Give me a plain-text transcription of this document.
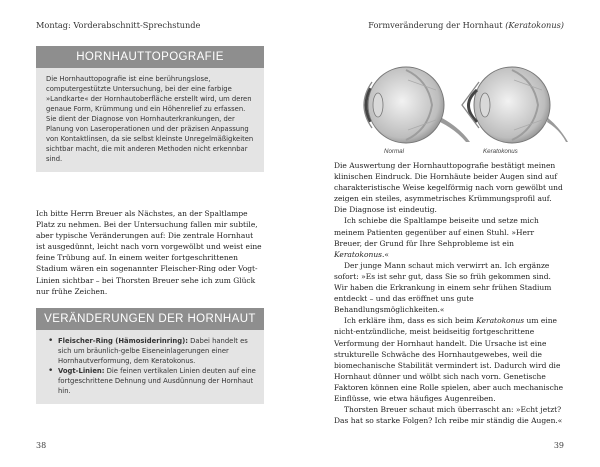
Montag: Vorderabschnitt-Sprechstunde
HORNHAUTTOPOGRAFIE

Die Hornhauttopografie ist eine berührungslose, computergestützte Untersuchung, bei der eine farbige »Landkarte« der Hornhautoberfläche erstellt wird, um deren genaue Form, Krümmung und ein Höhenrelief zu erfassen. Sie dient der Diagnose von Hornhauterkrankungen, der Planung von Laseroperationen und der präzisen Anpassung von Kontaktlinsen, da sie selbst kleinste Unregelmäßigkeiten sichtbar macht, die mit anderen Methoden nicht erkennbar sind.

Ich bitte Herrn Breuer als Nächstes, an der Spaltlampe Platz zu nehmen. Bei der Untersuchung fallen mir subtile, aber typische Veränderungen auf: Die zentrale Hornhaut ist ausgedünnt, leicht nach vorn vorgewölbt und weist eine feine Trübung auf. In einem weiter fortgeschrittenen Stadium wären ein sogenannter Fleischer-Ring oder Vogt-Linien sichtbar – bei Thorsten Breuer sehe ich zum Glück nur frühe Zeichen.

VERÄNDERUNGEN DER HORNHAUT
• Fleischer-Ring (Hämosiderinring): Dabei handelt es sich um bräunlich-gelbe Eiseneinlagerungen einer Hornhautverformung, dem Keratokonus.
• Vogt-Linien: Die feinen vertikalen Linien deuten auf eine fortgeschrittene Dehnung und Ausdünnung der Hornhaut hin.
38
Formveränderung der Hornhaut (Keratokonus)

Die Auswertung der Hornhauttopografie bestätigt meinen klinischen Eindruck. Die Hornhäute beider Augen sind auf charakteristische Weise kegelförmig nach vorn gewölbt und zeigen ein steiles, asymmetrisches Krümmungsprofil auf. Die Diagnose ist eindeutig.

Ich schiebe die Spaltlampe beiseite und setze mich meinem Patienten gegenüber auf einen Stuhl. »Herr Breuer, der Grund für Ihre Sehprobleme ist ein Keratokonus.«

Der junge Mann schaut mich verwirrt an. Ich ergänze sofort: »Es ist sehr gut, dass Sie so früh gekommen sind. Wir haben die Erkrankung in einem sehr frühen Stadium entdeckt – und das eröffnet uns gute Behandlungsmöglichkeiten.«

Ich erkläre ihm, dass es sich beim Keratokonus um eine nicht-entzündliche, meist beidseitig fortgeschrittene Verformung der Hornhaut handelt. Die Ursache ist eine strukturelle Schwäche des Hornhautgewebes, weil die biomechanische Stabilität vermindert ist. Dadurch wird die Hornhaut dünner und wölbt sich nach vorn. Genetische Faktoren können eine Rolle spielen, aber auch mechanische Einflüsse, wie etwa häufiges Augenreiben.

Thorsten Breuer schaut mich überrascht an: »Echt jetzt? Das hat so starke Folgen? Ich reibe mir ständig die Augen.«

39
Normal	Keratokonus
